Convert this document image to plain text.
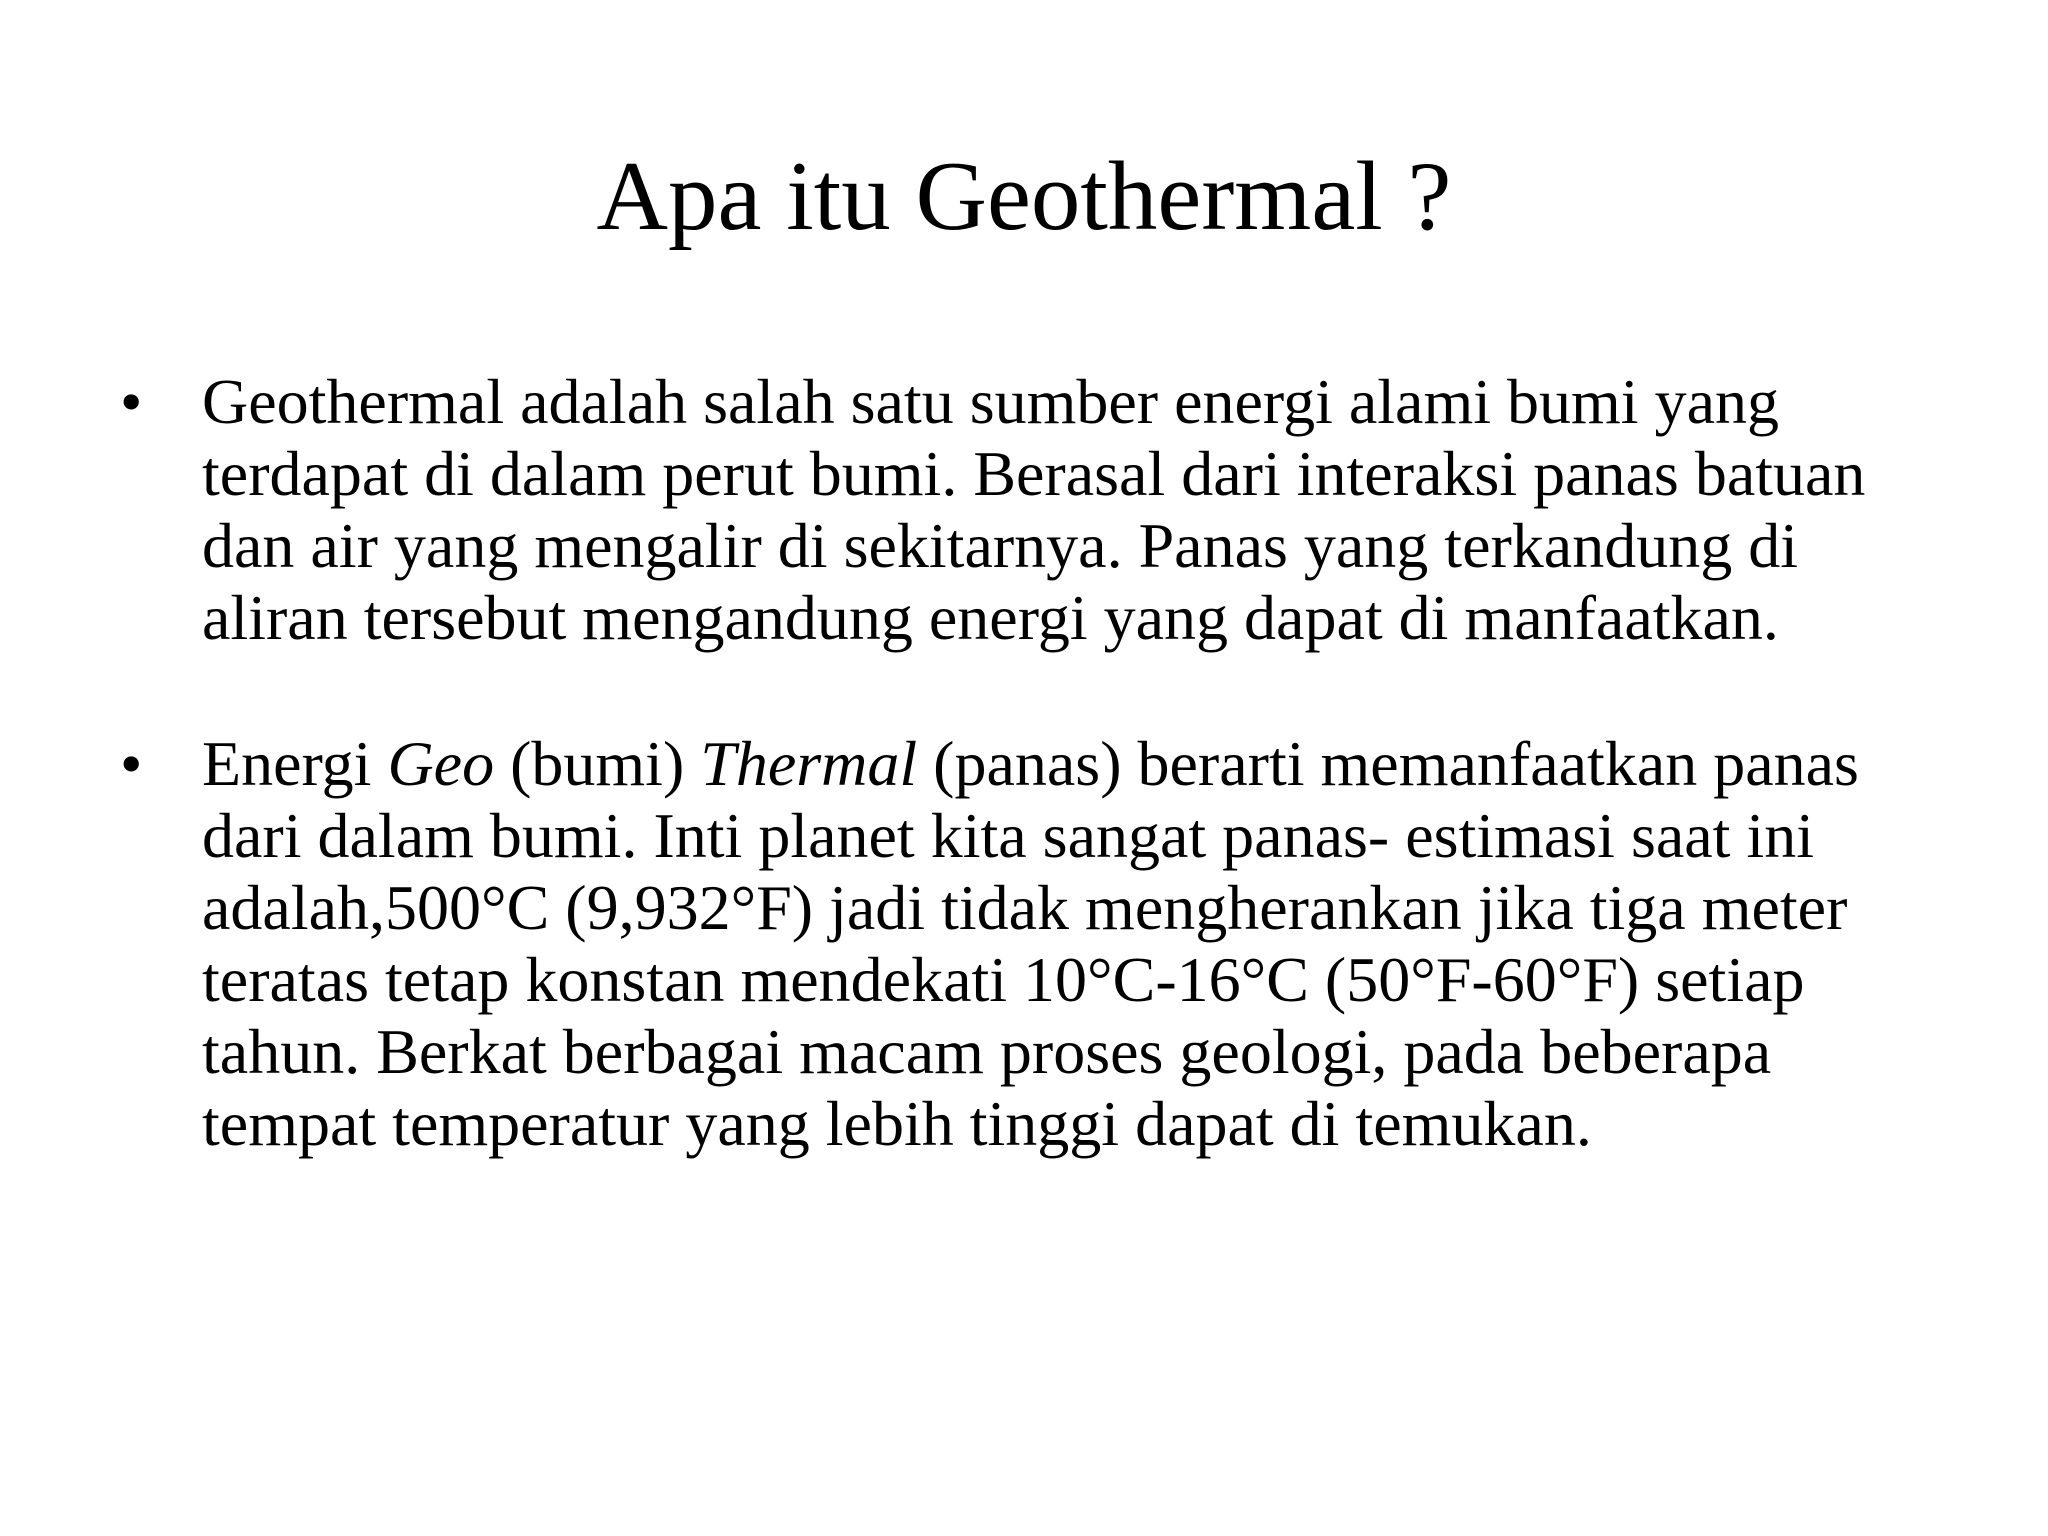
Apa itu Geothermal ?
• Geothermal adalah salah satu sumber energi alami bumi yang
terdapat di dalam perut bumi. Berasal dari interaksi panas batuan
dan air yang mengalir di sekitarnya. Panas yang terkandung di
aliran tersebut mengandung energi yang dapat di manfaatkan.
• Energi Geo (bumi) Thermal (panas) berarti memanfaatkan panas
dari dalam bumi. Inti planet kita sangat panas- estimasi saat ini
adalah,500°C (9,932°F) jadi tidak mengherankan jika tiga meter
teratas tetap konstan mendekati 10°C-16°C (50°F-60°F) setiap
tahun. Berkat berbagai macam proses geologi, pada beberapa
tempat temperatur yang lebih tinggi dapat di temukan.
